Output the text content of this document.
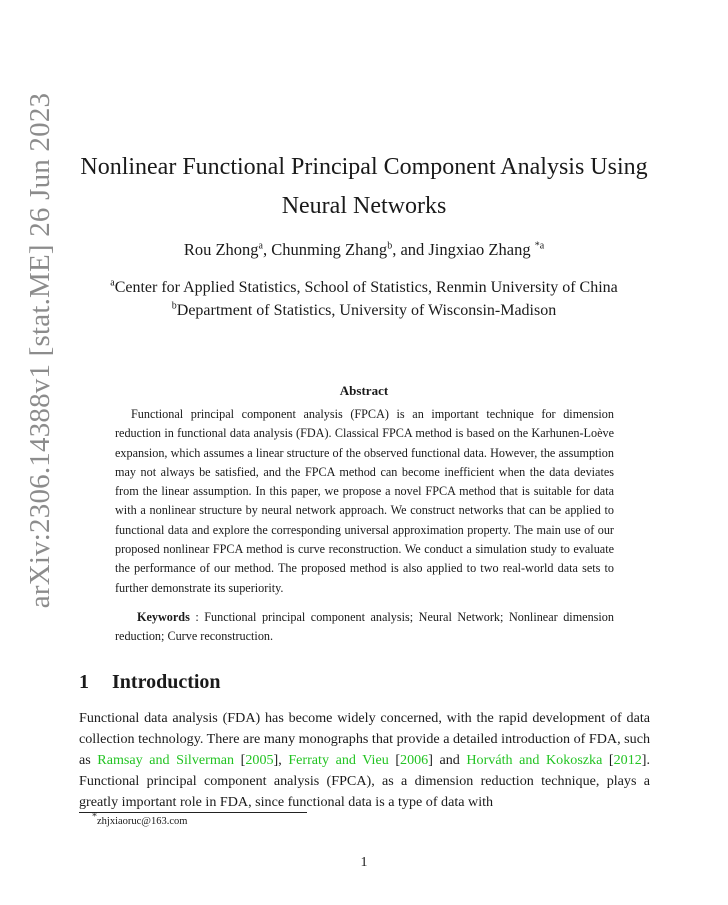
arXiv:2306.14388v1 [stat.ME] 26 Jun 2023 Nonlinear Functional Principal Component Analysis Using
Neural Networks
Rou Zhong$^a$, Chunming Zhang$^b$, and Jingxiao Zhang $^{*a}$
$^a$Center for Applied Statistics, School of Statistics, Renmin University of China
$^b$Department of Statistics, University of Wisconsin-Madison
Abstract

Functional principal component analysis (FPCA) is an important technique for dimension reduction in functional data analysis (FDA). Classical FPCA method is based on the Karhunen-Loève expansion, which assumes a linear structure of the observed functional data. However, the assumption may not always be satisfied, and the FPCA method can become inefficient when the data deviates from the linear assumption. In this paper, we propose a novel FPCA method that is suitable for data with a nonlinear structure by neural network approach. We construct networks that can be applied to functional data and explore the corresponding universal approximation property. The main use of our proposed nonlinear FPCA method is curve reconstruction. We conduct a simulation study to evaluate the performance of our method. The proposed method is also applied to two real-world data sets to further demonstrate its superiority.

Keywords : Functional principal component analysis; Neural Network; Nonlinear dimension reduction; Curve reconstruction.

1 Introduction

Functional data analysis (FDA) has become widely concerned, with the rapid development of data collection technology. There are many monographs that provide a detailed introduction of FDA, such as Ramsay and Silverman [2005], Ferraty and Vieu [2006] and Horváth and Kokoszka [2012]. Functional principal component analysis (FPCA), as a dimension reduction technique, plays a greatly important role in FDA, since functional data is a type of data with

*zhjxiaoruc@163.com
1
